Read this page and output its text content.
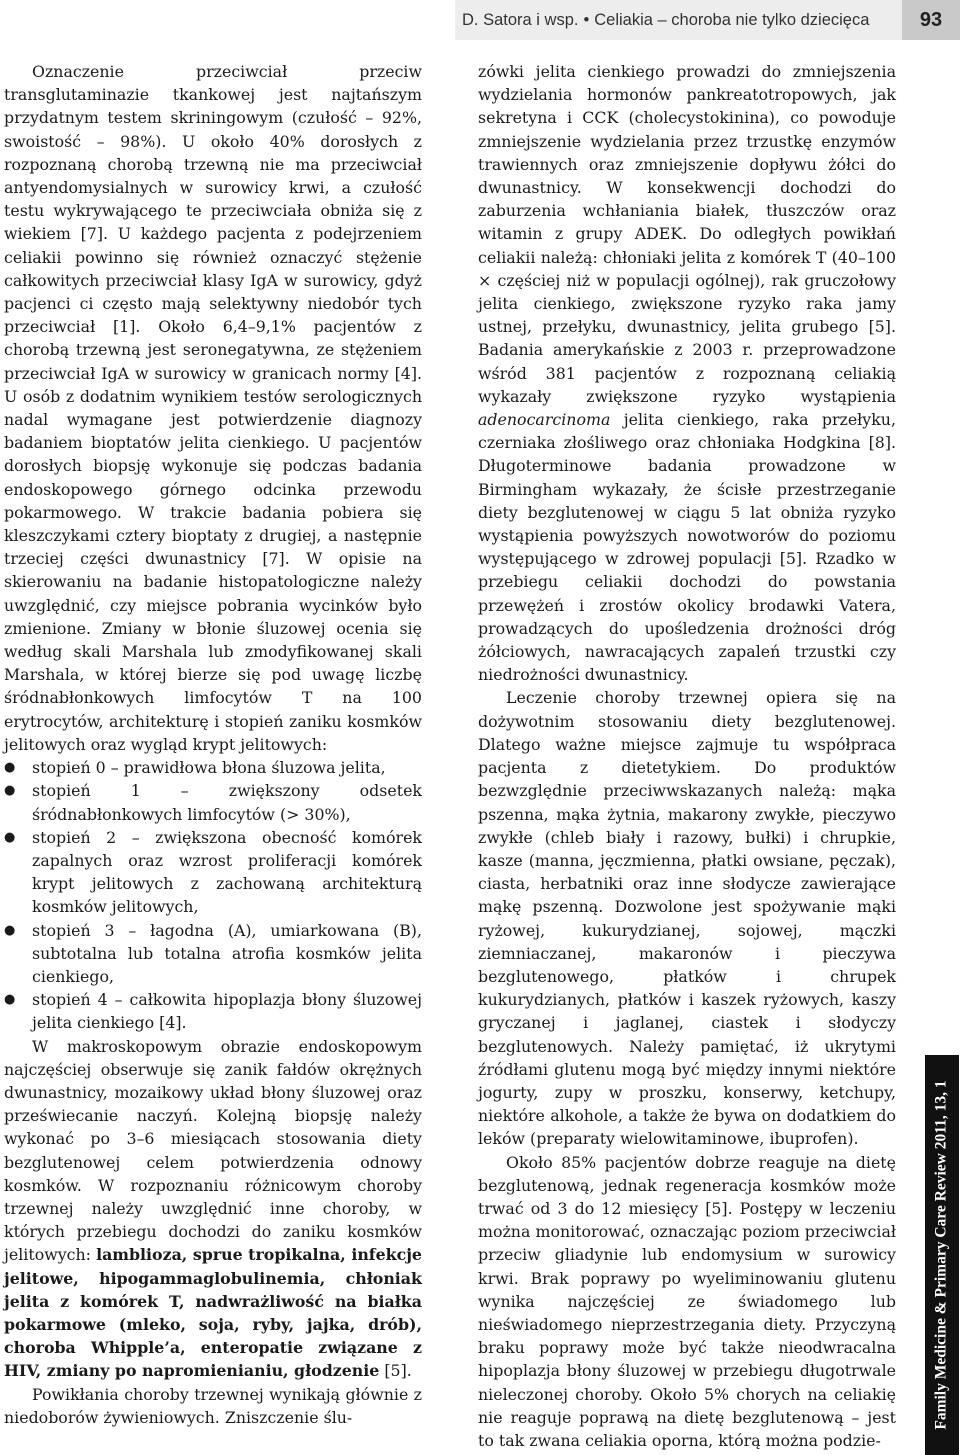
D. Satora i wsp. • Celiakia – choroba nie tylko dziecięca	93

Oznaczenie przeciwciał przeciw transglutaminazie tkankowej jest najtańszym przydatnym testem skriningowym (czułość – 92%, swoistość – 98%). U około 40% dorosłych z rozpoznaną chorobą trzewną nie ma przeciwciał antyendomysialnych w surowicy krwi, a czułość testu wykrywającego te przeciwciała obniża się z wiekiem [7]. U każdego pacjenta z podejrzeniem celiakii powinno się również oznaczyć stężenie całkowitych przeciwciał klasy IgA w surowicy, gdyż pacjenci ci często mają selektywny niedobór tych przeciwciał [1]. Około 6,4–9,1% pacjentów z chorobą trzewną jest seronegatywna, ze stężeniem przeciwciał IgA w surowicy w granicach normy [4]. U osób z dodatnim wynikiem testów serologicznych nadal wymagane jest potwierdzenie diagnozy badaniem bioptatów jelita cienkiego. U pacjentów dorosłych biopsję wykonuje się podczas badania endoskopowego górnego odcinka przewodu pokarmowego. W trakcie badania pobiera się kleszczykami cztery bioptaty z drugiej, a następnie trzeciej części dwunastnicy [7]. W opisie na skierowaniu na badanie histopatologiczne należy uwzględnić, czy miejsce pobrania wycinków było zmienione. Zmiany w błonie śluzowej ocenia się według skali Marshala lub zmodyfikowanej skali Marshala, w której bierze się pod uwagę liczbę śródnabłonkowych limfocytów T na 100 erytrocytów, architekturę i stopień zaniku kosmków jelitowych oraz wygląd krypt jelitowych:

● stopień 0 – prawidłowa błona śluzowa jelita,
● stopień 1 – zwiększony odsetek śródnabłonkowych limfocytów (> 30%),
● stopień 2 – zwiększona obecność komórek zapalnych oraz wzrost proliferacji komórek krypt jelitowych z zachowaną architekturą kosmków jelitowych,
● stopień 3 – łagodna (A), umiarkowana (B), subtotalna lub totalna atrofia kosmków jelita cienkiego,
● stopień 4 – całkowita hipoplazja błony śluzowej jelita cienkiego [4].

W makroskopowym obrazie endoskopowym najczęściej obserwuje się zanik fałdów okrężnych dwunastnicy, mozaikowy układ błony śluzowej oraz przeświecanie naczyń. Kolejną biopsję należy wykonać po 3–6 miesiącach stosowania diety bezglutenowej celem potwierdzenia odnowy kosmków. W rozpoznaniu różnicowym choroby trzewnej należy uwzględnić inne choroby, w których przebiegu dochodzi do zaniku kosmków jelitowych: lamblioza, sprue tropikalna, infekcje jelitowe, hipogammaglobulinemia, chłoniak jelita z komórek T, nadwrażliwość na białka pokarmowe (mleko, soja, ryby, jajka, drób), choroba Whipple’a, enteropatie związane z HIV, zmiany po napromienianiu, głodzenie [5].

Powikłania choroby trzewnej wynikają głównie z niedoborów żywieniowych. Zniszczenie ślu-

zówki jelita cienkiego prowadzi do zmniejszenia wydzielania hormonów pankreatotropowych, jak sekretyna i CCK (cholecystokinina), co powoduje zmniejszenie wydzielania przez trzustkę enzymów trawiennych oraz zmniejszenie dopływu żółci do dwunastnicy. W konsekwencji dochodzi do zaburzenia wchłaniania białek, tłuszczów oraz witamin z grupy ADEK. Do odległych powikłań celiakii należą: chłoniaki jelita z komórek T (40–100 × częściej niż w populacji ogólnej), rak gruczołowy jelita cienkiego, zwiększone ryzyko raka jamy ustnej, przełyku, dwunastnicy, jelita grubego [5]. Badania amerykańskie z 2003 r. przeprowadzone wśród 381 pacjentów z rozpoznaną celiakią wykazały zwiększone ryzyko wystąpienia adenocarcinoma jelita cienkiego, raka przełyku, czerniaka złośliwego oraz chłoniaka Hodgkina [8]. Długoterminowe badania prowadzone w Birmingham wykazały, że ścisłe przestrzeganie diety bezglutenowej w ciągu 5 lat obniża ryzyko wystąpienia powyższych nowotworów do poziomu występującego w zdrowej populacji [5]. Rzadko w przebiegu celiakii dochodzi do powstania przewężeń i zrostów okolicy brodawki Vatera, prowadzących do upośledzenia drożności dróg żółciowych, nawracających zapaleń trzustki czy niedrożności dwunastnicy.

Leczenie choroby trzewnej opiera się na dożywotnim stosowaniu diety bezglutenowej. Dlatego ważne miejsce zajmuje tu współpraca pacjenta z dietetykiem. Do produktów bezwzględnie przeciwwskazanych należą: mąka pszenna, mąka żytnia, makarony zwykłe, pieczywo zwykłe (chleb biały i razowy, bułki) i chrupkie, kasze (manna, jęczmienna, płatki owsiane, pęczak), ciasta, herbatniki oraz inne słodycze zawierające mąkę pszenną. Dozwolone jest spożywanie mąki ryżowej, kukurydzianej, sojowej, mączki ziemniaczanej, makaronów i pieczywa bezglutenowego, płatków i chrupek kukurydzianych, płatków i kaszek ryżowych, kaszy gryczanej i jaglanej, ciastek i słodyczy bezglutenowych. Należy pamiętać, iż ukrytymi źródłami glutenu mogą być między innymi niektóre jogurty, zupy w proszku, konserwy, ketchupy, niektóre alkohole, a także że bywa on dodatkiem do leków (preparaty wielowitaminowe, ibuprofen).

Około 85% pacjentów dobrze reaguje na dietę bezglutenową, jednak regeneracja kosmków może trwać od 3 do 12 miesięcy [5]. Postępy w leczeniu można monitorować, oznaczając poziom przeciwciał przeciw gliadynie lub endomysium w surowicy krwi. Brak poprawy po wyeliminowaniu glutenu wynika najczęściej ze świadomego lub nieświadomego nieprzestrzegania diety. Przyczyną braku poprawy może być także nieodwracalna hipoplazja błony śluzowej w przebiegu długotrwale nieleczonej choroby. Około 5% chorych na celiakię nie reaguje poprawą na dietę bezglutenową – jest to tak zwana celiakia oporna, którą można podzie-

Family Medicine & Primary Care Review 2011, 13, 1
